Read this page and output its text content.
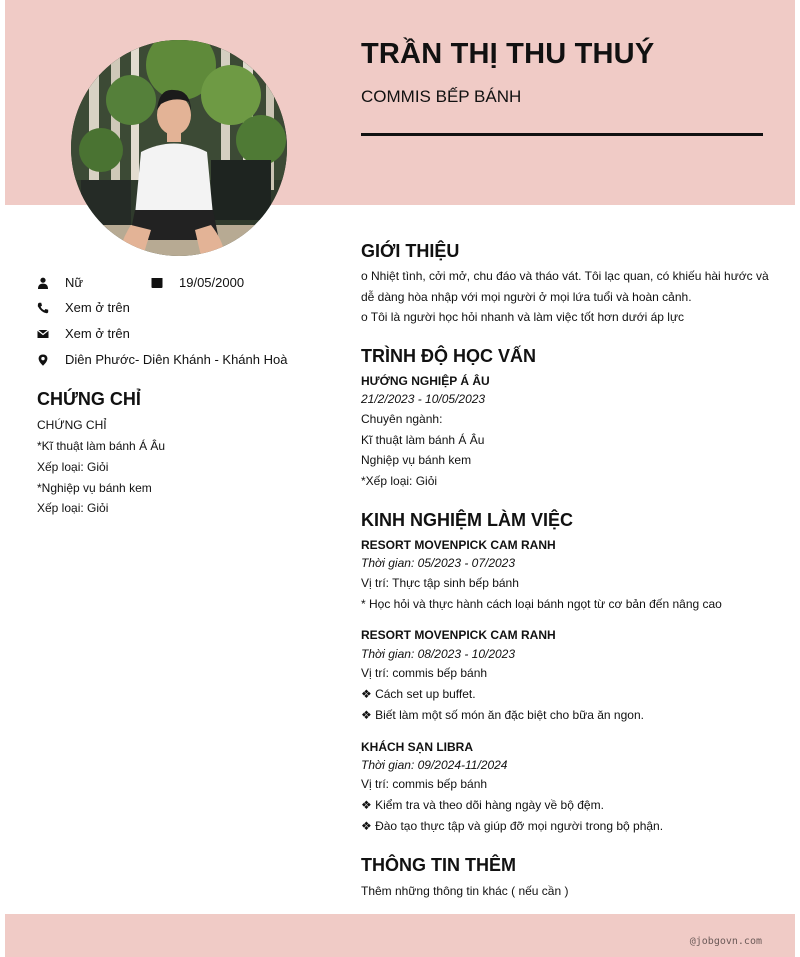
TRẦN THỊ THU THUÝ
COMMIS BẾP BÁNH
Nữ	19/05/2000
Xem ở trên
Xem ở trên
Diên Phước- Diên Khánh - Khánh Hoà
CHỨNG CHỈ
CHỨNG CHỈ
*Kĩ thuật làm bánh Á Âu
Xếp loại: Giỏi
*Nghiệp vụ bánh kem
Xếp loại: Giỏi
GIỚI THIỆU
o Nhiệt tình, cởi mở, chu đáo và tháo vát. Tôi lạc quan, có khiếu hài hước và
dễ dàng hòa nhập với mọi người ở mọi lứa tuổi và hoàn cảnh.
o Tôi là người học hỏi nhanh và làm việc tốt hơn dưới áp lực
TRÌNH ĐỘ HỌC VẤN
HƯỚNG NGHIỆP Á ÂU
21/2/2023 - 10/05/2023
Chuyên ngành:
Kĩ thuật làm bánh Á Âu
Nghiệp vụ bánh kem
*Xếp loại: Giỏi
KINH NGHIỆM LÀM VIỆC
RESORT MOVENPICK CAM RANH
Thời gian: 05/2023 - 07/2023
Vị trí: Thực tập sinh bếp bánh
* Học hỏi và thực hành cách loại bánh ngọt từ cơ bản đến nâng cao
RESORT MOVENPICK CAM RANH
Thời gian: 08/2023 - 10/2023
Vị trí: commis bếp bánh
❖ Cách set up buffet.
❖ Biết làm một số món ăn đặc biệt cho bữa ăn ngon.
KHÁCH SẠN LIBRA
Thời gian: 09/2024-11/2024
Vị trí: commis bếp bánh
❖ Kiểm tra và theo dõi hàng ngày về bộ đệm.
❖ Đào tạo thực tập và giúp đỡ mọi người trong bộ phận.
THÔNG TIN THÊM
Thêm những thông tin khác ( nếu cần )
@jobgovn.com
